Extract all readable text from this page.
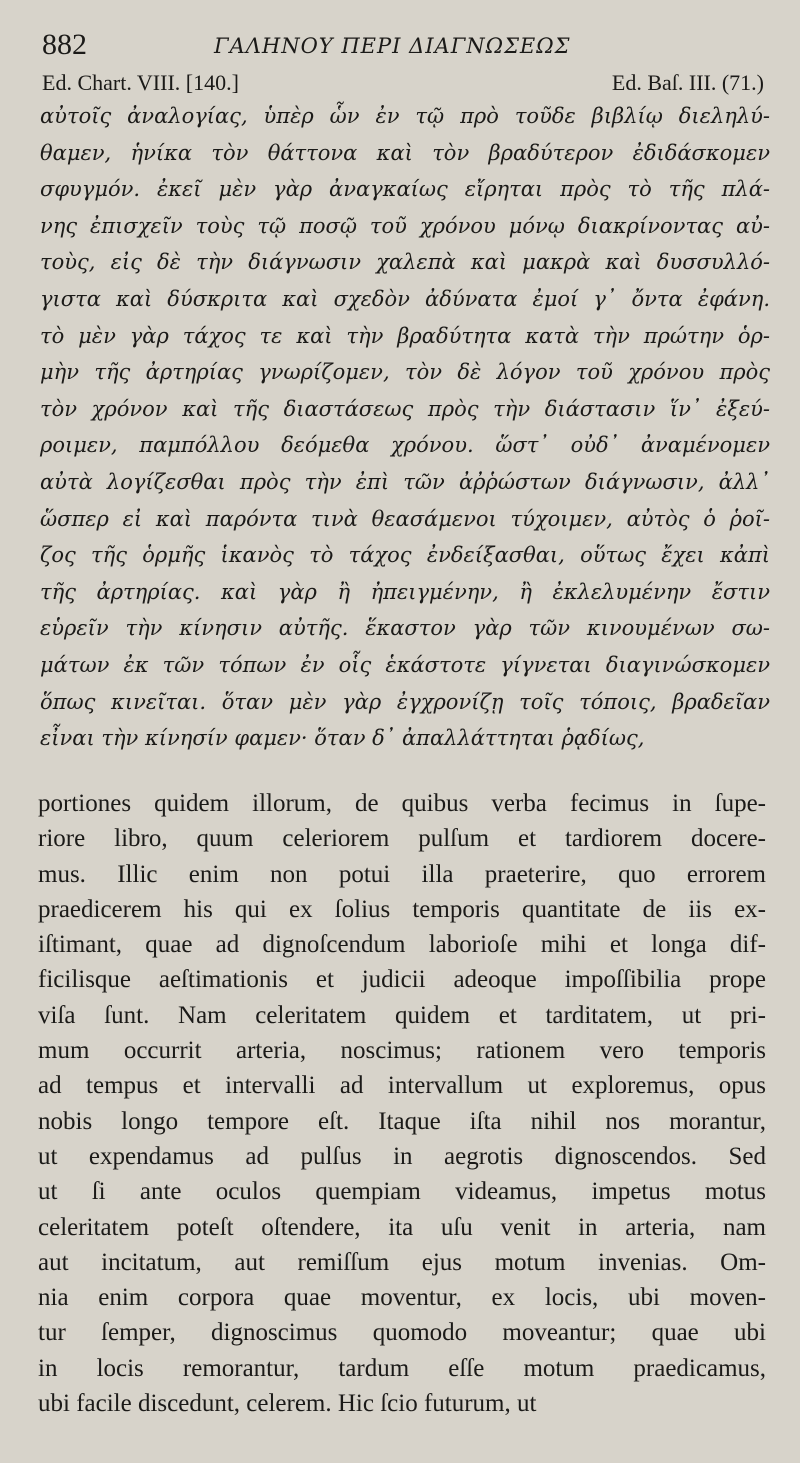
882	ΓΑΛΗΝΟΥ ΠΕΡΙ ΔΙΑΓΝΩΣΕΩΣ
Ed. Chart. VIII. [140.]	Ed. Baſ. III. (71.)
αὐτοῖς ἀναλογίας, ὑπὲρ ὧν ἐν τῷ πρὸ τοῦδε βιβλίῳ διεληλύ-
θαμεν, ἡνίκα τὸν θάττονα καὶ τὸν βραδύτερον ἐδιδάσκομεν
σφυγμόν. ἐκεῖ μὲν γὰρ ἀναγκαίως εἴρηται πρὸς τὸ τῆς πλά-
νης ἐπισχεῖν τοὺς τῷ ποσῷ τοῦ χρόνου μόνῳ διακρίνοντας αὐ-
τοὺς, εἰς δὲ τὴν διάγνωσιν χαλεπὰ καὶ μακρὰ καὶ δυσσυλλό-
γιστα καὶ δύσκριτα καὶ σχεδὸν ἀδύνατα ἐμοί γ᾽ ὄντα ἐφάνη.
τὸ μὲν γὰρ τάχος τε καὶ τὴν βραδύτητα κατὰ τὴν πρώτην ὁρ-
μὴν τῆς ἀρτηρίας γνωρίζομεν, τὸν δὲ λόγον τοῦ χρόνου πρὸς
τὸν χρόνον καὶ τῆς διαστάσεως πρὸς τὴν διάστασιν ἵν᾽ ἐξεύ-
ροιμεν, παμπόλλου δεόμεθα χρόνου. ὥστ᾽ οὐδ᾽ ἀναμένομεν
αὐτὰ λογίζεσθαι πρὸς τὴν ἐπὶ τῶν ἀῤῥώστων διάγνωσιν, ἀλλ᾽
ὥσπερ εἰ καὶ παρόντα τινὰ θεασάμενοι τύχοιμεν, αὐτὸς ὁ ῥοῖ-
ζος τῆς ὁρμῆς ἱκανὸς τὸ τάχος ἐνδείξασθαι, οὕτως ἔχει κἀπὶ
τῆς ἀρτηρίας. καὶ γὰρ ἢ ἠπειγμένην, ἢ ἐκλελυμένην ἔστιν
εὑρεῖν τὴν κίνησιν αὐτῆς. ἕκαστον γὰρ τῶν κινουμένων σω-
μάτων ἐκ τῶν τόπων ἐν οἷς ἑκάστοτε γίγνεται διαγινώσκομεν
ὅπως κινεῖται. ὅταν μὲν γὰρ ἐγχρονίζῃ τοῖς τόποις, βραδεῖαν
εἶναι τὴν κίνησίν φαμεν· ὅταν δ᾽ ἀπαλλάττηται ῥᾳδίως,
portiones quidem illorum, de quibus verba fecimus in ſupe-
riore libro, quum celeriorem pulſum et tardiorem docere-
mus. Illic enim non potui illa praeterire, quo errorem
praedicerem his qui ex ſolius temporis quantitate de iis ex-
iſtimant, quae ad dignoſcendum laborioſe mihi et longa dif-
ficilisque aeſtimationis et judicii adeoque impoſſibilia prope
viſa ſunt. Nam celeritatem quidem et tarditatem, ut pri-
mum occurrit arteria, noscimus; rationem vero temporis
ad tempus et intervalli ad intervallum ut exploremus, opus
nobis longo tempore eſt. Itaque iſta nihil nos morantur,
ut expendamus ad pulſus in aegrotis dignoscendos. Sed
ut ſi ante oculos quempiam videamus, impetus motus
celeritatem poteſt oſtendere, ita uſu venit in arteria, nam
aut incitatum, aut remiſſum ejus motum invenias. Om-
nia enim corpora quae moventur, ex locis, ubi moven-
tur ſemper, dignoscimus quomodo moveantur; quae ubi
in locis remorantur, tardum eſſe motum praedicamus,
ubi facile discedunt, celerem. Hic ſcio futurum, ut
